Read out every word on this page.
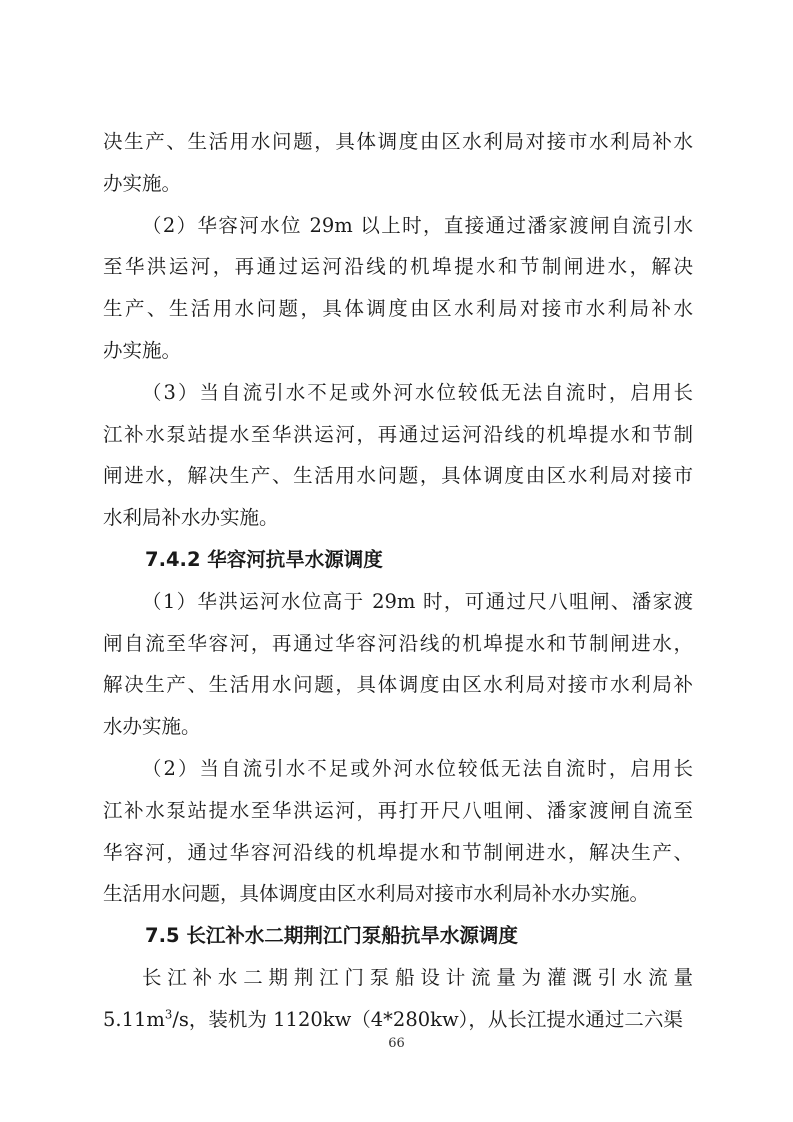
决生产、生活用水问题，具体调度由区水利局对接市水利局补水
办实施。

（2）华容河水位 29m 以上时，直接通过潘家渡闸自流引水
至华洪运河，再通过运河沿线的机埠提水和节制闸进水，解决
生产、生活用水问题，具体调度由区水利局对接市水利局补水
办实施。

（3）当自流引水不足或外河水位较低无法自流时，启用长
江补水泵站提水至华洪运河，再通过运河沿线的机埠提水和节制
闸进水，解决生产、生活用水问题，具体调度由区水利局对接市
水利局补水办实施。

7.4.2 华容河抗旱水源调度

（1）华洪运河水位高于 29m 时，可通过尺八咀闸、潘家渡
闸自流至华容河，再通过华容河沿线的机埠提水和节制闸进水，
解决生产、生活用水问题，具体调度由区水利局对接市水利局补
水办实施。

（2）当自流引水不足或外河水位较低无法自流时，启用长
江补水泵站提水至华洪运河，再打开尺八咀闸、潘家渡闸自流至
华容河，通过华容河沿线的机埠提水和节制闸进水，解决生产、
生活用水问题，具体调度由区水利局对接市水利局补水办实施。

7.5 长江补水二期荆江门泵船抗旱水源调度

长江补水二期荆江门泵船设计流量为灌溉引水流量
$5.11m^3/s$，装机为 1120kw（4*280kw），从长江提水通过二六渠

66
